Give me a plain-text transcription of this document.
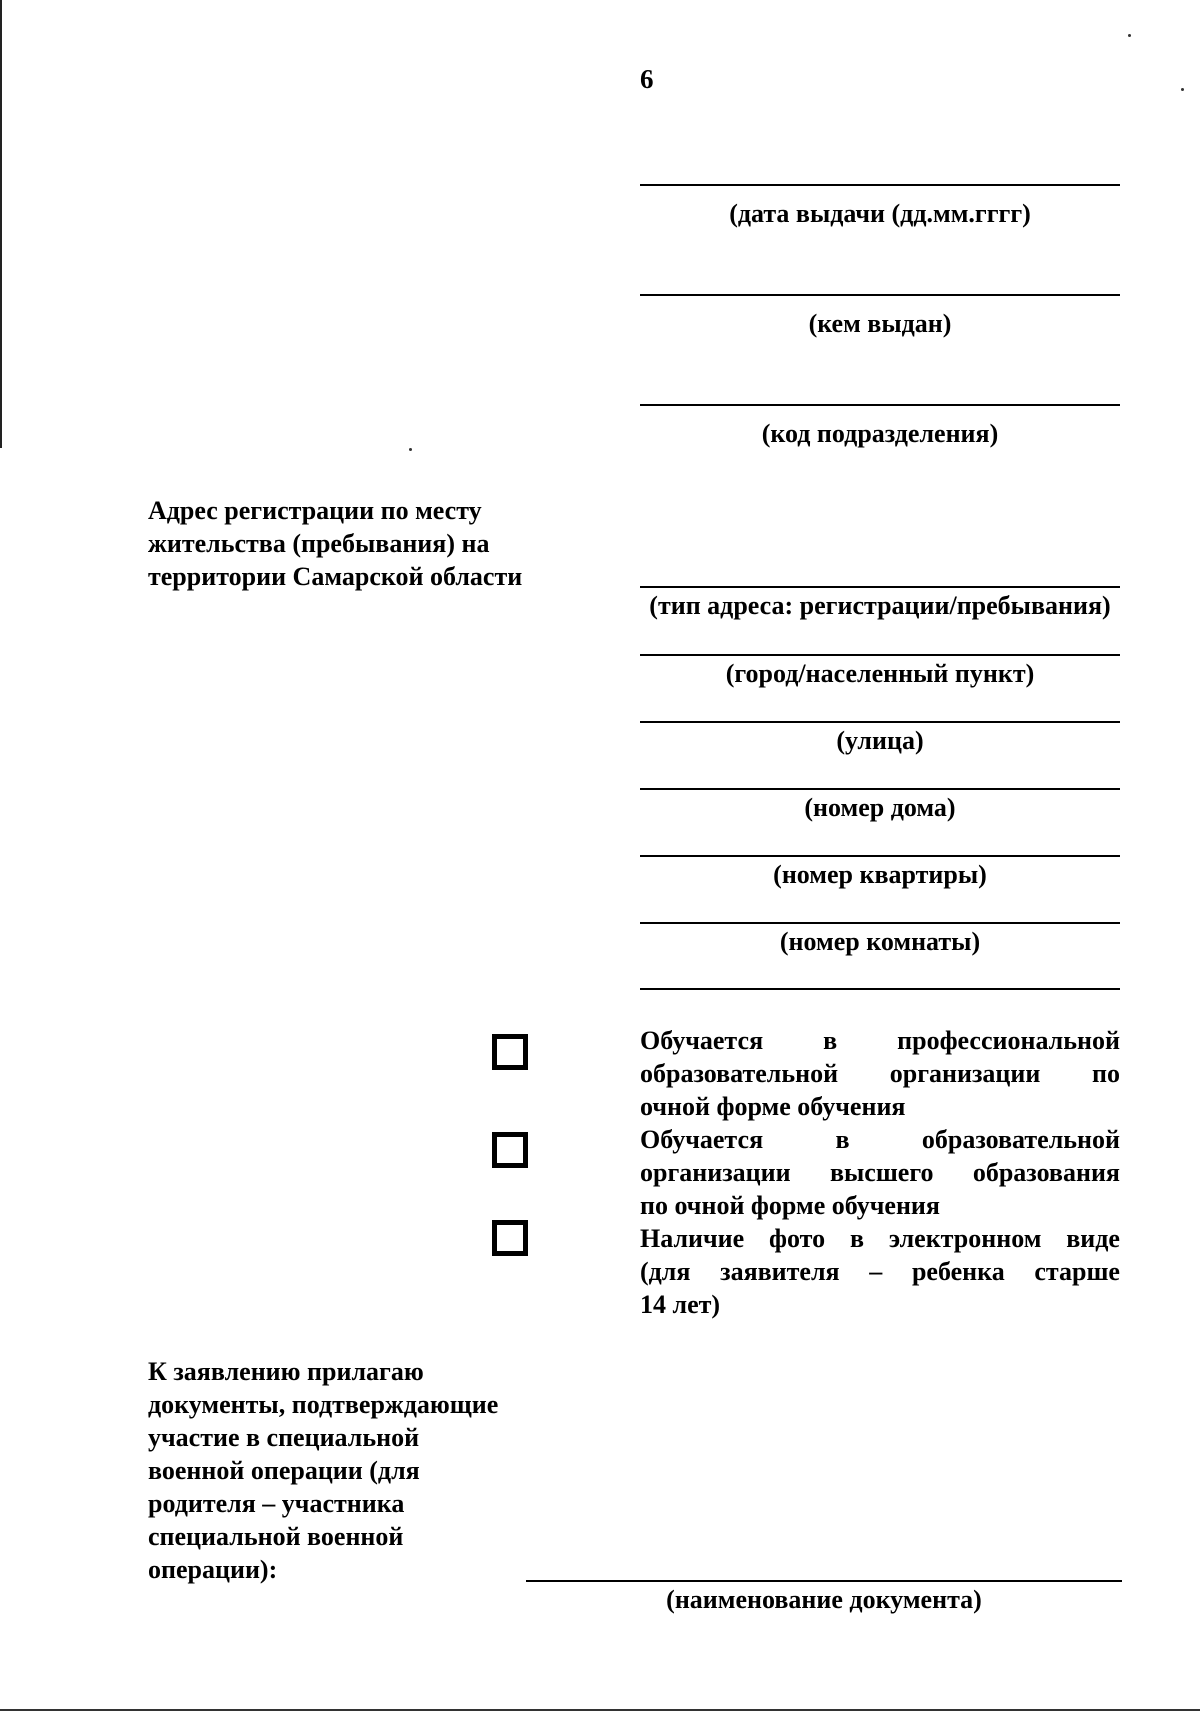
6
(дата выдачи (дд.мм.гггг)
(кем выдан)
(код подразделения)
Адрес регистрации по месту
жительства (пребывания) на
территории Самарской области
(тип адреса: регистрации/пребывания)
(город/населенный пункт)
(улица)
(номер дома)
(номер квартиры)
(номер комнаты)
Обучается в профессиональной
образовательной организации по
очной форме обучения
Обучается	в	образовательной
организации высшего образования
по очной форме обучения
Наличие фото в электронном виде
(для заявителя – ребенка старше
14 лет)
К заявлению прилагаю
документы, подтверждающие
участие в специальной
военной операции (для
родителя – участника
специальной военной
операции):
(наименование документа)
